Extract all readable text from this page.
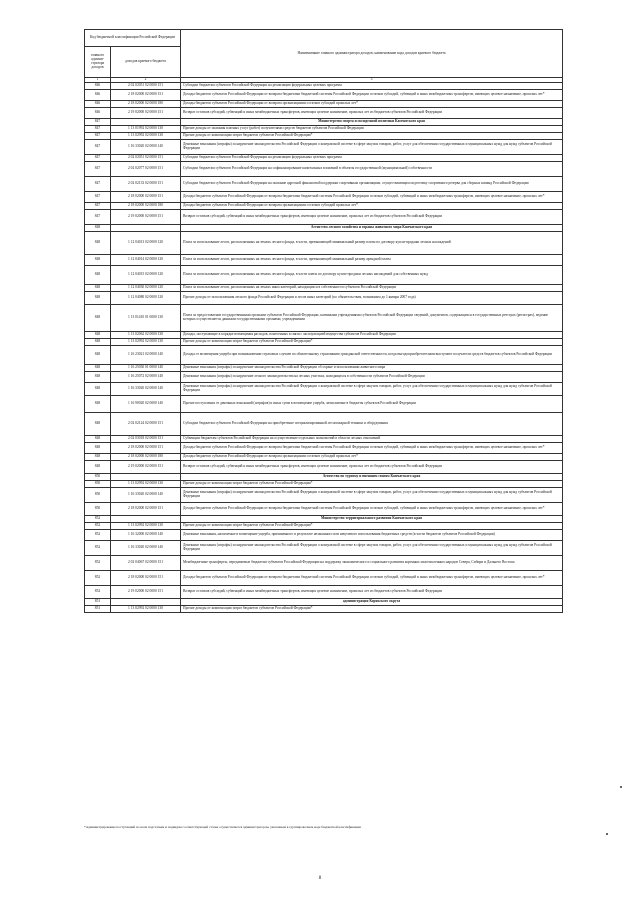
Код бюджетной классификации Российской Федерации		Наименование главного администратора доходов, наименование кода доходов краевого бюджета
главного админи-стратора доходов	доходов краевого бюджета	
1	2	3
846	2 02 02051 02 0000 151	Субсидии бюджетам субъектов Российской Федерации на реализацию федеральных целевых программ
846	2 18 02000 02 0000 151	Доходы бюджетов субъектов Российской Федерации от возврата бюджетами бюджетной системы Российской Федерации остатков субсидий, субвенций и иных межбюджетных трансфертов, имеющих целевое назначение, прошлых лет*
846	2 18 02000 02 0000 180	Доходы бюджетов субъектов Российской Федерации от возврата организациями остатков субсидий прошлых лет*
846	2 19 02000 02 0000 151	Возврат остатков субсидий, субвенций и иных межбюджетных трансфертов, имеющих целевое назначение, прошлых лет из бюджетов субъектов Российской Федерации
847		Министерство спорта и молодежной политики Камчатского края
847	1 13 01992 02 0000 130	Прочие доходы от оказания платных услуг (работ) получателями средств бюджетов субъектов Российской Федерации
847	1 13 02992 02 0000 130	Прочие доходы от компенсации затрат бюджетов субъектов Российской Федерации*
847	1 16 33020 02 0000 140	Денежные взыскания (штрафы) за нарушение законодательства Российской Федерации о контрактной системе в сфере закупок товаров, работ, услуг для обеспечения государственных и муниципальных нужд для нужд субъектов Российской Федерации
847	2 02 02051 02 0000 151	Субсидии бюджетам субъектов Российской Федерации на реализацию федеральных целевых программ
847	2 02 02077 02 0000 151	Субсидии бюджетам субъектов Российской Федерации на софинансирование капитальных вложений в объекты государственной (муниципальной) собственности
847	2 02 02133 02 0000 151	Субсидии бюджетам субъектов Российской Федерации на оказание адресной финансовой поддержки спортивным организациям, осуществляющим подготовку спортивного резерва для сборных команд Российской Федерации
847	2 18 02000 02 0000 151	Доходы бюджетов субъектов Российской Федерации от возврата бюджетами бюджетной системы Российской Федерации остатков субсидий, субвенций и иных межбюджетных трансфертов, имеющих целевое назначение, прошлых лет*
847	2 18 02000 02 0000 180	Доходы бюджетов субъектов Российской Федерации от возврата организациями остатков субсидий прошлых лет*
847	2 19 02000 02 0000 151	Возврат остатков субсидий, субвенций и иных межбюджетных трансфертов, имеющих целевое назначение, прошлых лет из бюджетов субъектов Российской Федерации
848		Агентство лесного хозяйства и охраны животного мира Камчатского края
848	1 12 04013 02 0000 120	Плата за использование лесов, расположенных на землях лесного фонда, в части, превышающей минимальный размер платы по договору купли-продажи лесных насаждений
848	1 12 04014 02 0000 120	Плата за использование лесов, расположенных на землях лесного фонда, в части, превышающей минимальный размер арендной платы
848	1 12 04015 02 0000 120	Плата за использование лесов, расположенных на землях лесного фонда, в части платы по договору купли-продажи лесных насаждений для собственных нужд
848	1 12 04030 02 0000 120	Плата за использование лесов, расположенных на землях иных категорий, находящихся в собственности субъектов Российской Федерации
848	1 12 04080 02 0000 120	Прочие доходы от использования лесного фонда Российской Федерации и лесов иных категорий (по обязательствам, возникшим до 1 января 2007 года)
848	1 13 01410 01 0000 130	Плата за предоставление государственными органами субъектов Российской Федерации, казенными учреждениями субъектов Российской Федерации сведений, документов, содержащихся в государственных реестрах (регистрах), ведение которых осуществляется данными государственными органами, учреждениями
848	1 13 02062 02 0000 130	Доходы, поступающие в порядке возмещения расходов, понесенных в связи с эксплуатацией имущества субъектов Российской Федерации
848	1 13 02992 02 0000 130	Прочие доходы от компенсации затрат бюджетов субъектов Российской Федерации*
848	1 16 23021 02 0000 140	Доходы от возмещения ущерба при возникновении страховых случаев по обязательному страхованию гражданской ответственности, когда выгодоприобретателями выступают получатели средств бюджетов субъектов Российской Федерации
848	1 16 25030 01 0000 140	Денежные взыскания (штрафы) за нарушение законодательства Российской Федерации об охране и использовании животного мира
848	1 16 25072 02 0000 140	Денежные взыскания (штрафы) за нарушение лесного законодательства на лесных участках, находящихся в собственности субъектов Российской Федерации
848	1 16 33020 02 0000 140	Денежные взыскания (штрафы) за нарушение законодательства Российской Федерации о контрактной системе в сфере закупок товаров, работ, услуг для обеспечения государственных и муниципальных нужд для нужд субъектов Российской Федерации
848	1 16 90020 02 0000 140	Прочие поступления от денежных взысканий (штрафов) и иных сумм в возмещение ущерба, зачисляемые в бюджеты субъектов Российской Федерации
848	2 02 02124 02 0000 151	Субсидии бюджетам субъектов Российской Федерации на приобретение специализированной лесопожарной техники и оборудования
848	2 02 03018 02 0000 151	Субвенции бюджетам субъектов Российской Федерации на осуществление отдельных полномочий в области лесных отношений
848	2 18 02000 02 0000 151	Доходы бюджетов субъектов Российской Федерации от возврата бюджетами бюджетной системы Российской Федерации остатков субсидий, субвенций и иных межбюджетных трансфертов, имеющих целевое назначение, прошлых лет*
848	2 18 02000 02 0000 180	Доходы бюджетов субъектов Российской Федерации от возврата организациями остатков субсидий прошлых лет*
848	2 19 02000 02 0000 151	Возврат остатков субсидий, субвенций и иных межбюджетных трансфертов, имеющих целевое назначение, прошлых лет из бюджетов субъектов Российской Федерации
850		Агентство по туризму и внешним связям Камчатского края
850	1 13 02992 02 0000 130	Прочие доходы от компенсации затрат бюджетов субъектов Российской Федерации*
850	1 16 33020 02 0000 140	Денежные взыскания (штрафы) за нарушение законодательства Российской Федерации о контрактной системе в сфере закупок товаров, работ, услуг для обеспечения государственных и муниципальных нужд для нужд субъектов Российской Федерации
850	2 18 02000 02 0000 151	Доходы бюджетов субъектов Российской Федерации от возврата бюджетами бюджетной системы Российской Федерации остатков субсидий, субвенций и иных межбюджетных трансфертов, имеющих целевое назначение, прошлых лет*
852		Министерство территориального развития Камчатского края
852	1 13 02992 02 0000 130	Прочие доходы от компенсации затрат бюджетов субъектов Российской Федерации*
852	1 16 32000 02 0000 140	Денежные взыскания, налагаемые в возмещение ущерба, причиненного в результате незаконного или нецелевого использования бюджетных средств (в части бюджетов субъектов Российской Федерации)
852	1 16 33020 02 0000 140	Денежные взыскания (штрафы) за нарушение законодательства Российской Федерации о контрактной системе в сфере закупок товаров, работ, услуг для обеспечения государственных и муниципальных нужд для нужд субъектов Российской Федерации
852	2 02 04067 02 0000 151	Межбюджетные трансферты, передаваемые бюджетам субъектов Российской Федерации на поддержку экономического и социального развития коренных малочисленных народов Севера, Сибири и Дальнего Востока
852	2 18 02000 02 0000 151	Доходы бюджетов субъектов Российской Федерации от возврата бюджетами бюджетной системы Российской Федерации остатков субсидий, субвенций и иных межбюджетных трансфертов, имеющих целевое назначение, прошлых лет*
852	2 19 02000 02 0000 151	Возврат остатков субсидий, субвенций и иных межбюджетных трансфертов, имеющих целевое назначение, прошлых лет из бюджетов субъектов Российской Федерации
851		администрация Корякского округа
851	1 13 02992 02 0000 130	Прочие доходы от компенсации затрат бюджетов субъектов Российской Федерации*
*Администрирование поступлений по всем подстатьям и подвидам соответствующей статьи осуществляется администратором, указанным в группировочном коде бюджетной классификации
8
